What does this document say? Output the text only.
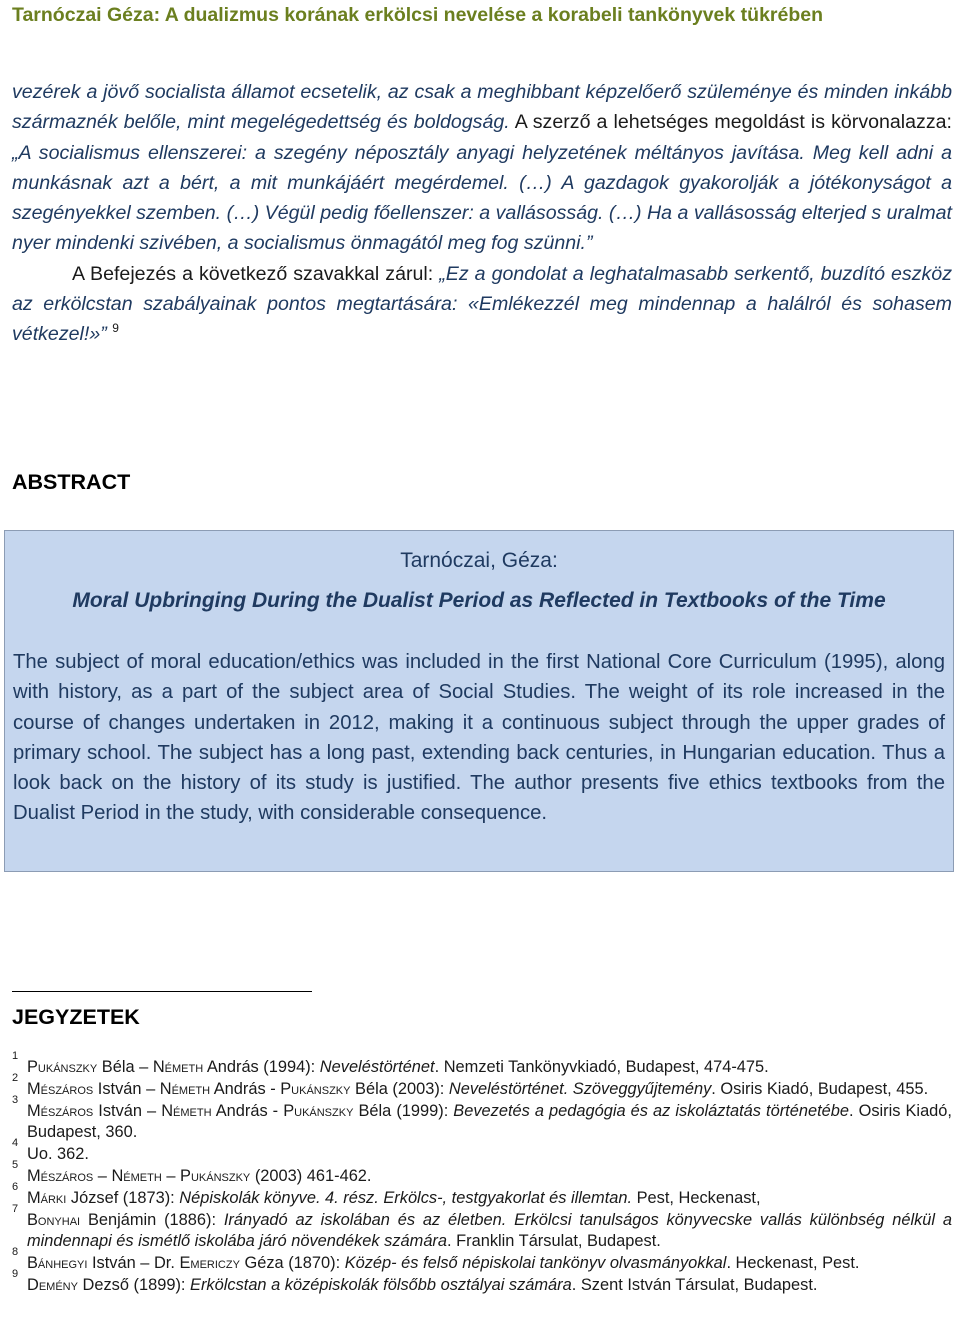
Tarnóczai Géza: A dualizmus korának erkölcsi nevelése a korabeli tankönyvek tükrében

vezérek a jövő socialista államot ecsetelik, az csak a meghibbant képzelőerő szüleménye és minden inkább származnék belőle, mint megelégedettség és boldogság. A szerző a lehetséges megoldást is körvonalazza: „A socialismus ellenszerei: a szegény néposztály anyagi helyzetének méltányos javítása. Meg kell adni a munkásnak azt a bért, a mit munkájáért megérdemel. (…) A gazdagok gyakorolják a jótékonyságot a szegényekkel szemben. (…) Végül pedig főellenszer: a vallásosság. (…) Ha a vallásosság elterjed s uralmat nyer mindenki szivében, a socialismus önmagától meg fog szünni.”

A Befejezés a következő szavakkal zárul: „Ez a gondolat a leghatalmasabb serkentő, buzdító eszköz az erkölcstan szabályainak pontos megtartására: «Emlékezzél meg mindennap a halálról és sohasem vétkezel!»” $^9$

ABSTRACT
Tarnóczai, Géza:
Moral Upbringing During the Dualist Period as Reflected in Textbooks of the Time
The subject of moral education/ethics was included in the first National Core Curriculum (1995), along with history, as a part of the subject area of Social Studies. The weight of its role increased in the course of changes undertaken in 2012, making it a continuous subject through the upper grades of primary school. The subject has a long past, extending back centuries, in Hungarian education. Thus a look back on the history of its study is justified. The author presents five ethics textbooks from the Dualist Period in the study, with considerable consequence.
JEGYZETEK

1
Pukánszky Béla – Németh András (1994): Neveléstörténet. Nemzeti Tankönyvkiadó, Budapest, 474-475.

2
Mészáros István – Németh András - Pukánszky Béla (2003): Neveléstörténet. Szöveggyűjtemény. Osiris Kiadó, Budapest, 455.

3
Mészáros István – Németh András - Pukánszky Béla (1999): Bevezetés a pedagógia és az iskoláztatás történetébe. Osiris Kiadó, Budapest, 360.

4
Uo. 362.

5
Mészáros – Németh – Pukánszky (2003) 461-462.

6
Márki József (1873): Népiskolák könyve. 4. rész. Erkölcs-, testgyakorlat és illemtan. Pest, Heckenast,

7
Bonyhai Benjámin (1886): Irányadó az iskolában és az életben. Erkölcsi tanulságos könyvecske vallás különbség nélkül a mindennapi és ismétlő iskolába járó növendékek számára. Franklin Társulat, Budapest.

8
Bánhegyi István – Dr. Emericzy Géza (1870): Közép- és felső népiskolai tankönyv olvasmányokkal. Heckenast, Pest.

9
Demény Dezső (1899): Erkölcstan a középiskolák fölsőbb osztályai számára. Szent István Társulat, Budapest.
